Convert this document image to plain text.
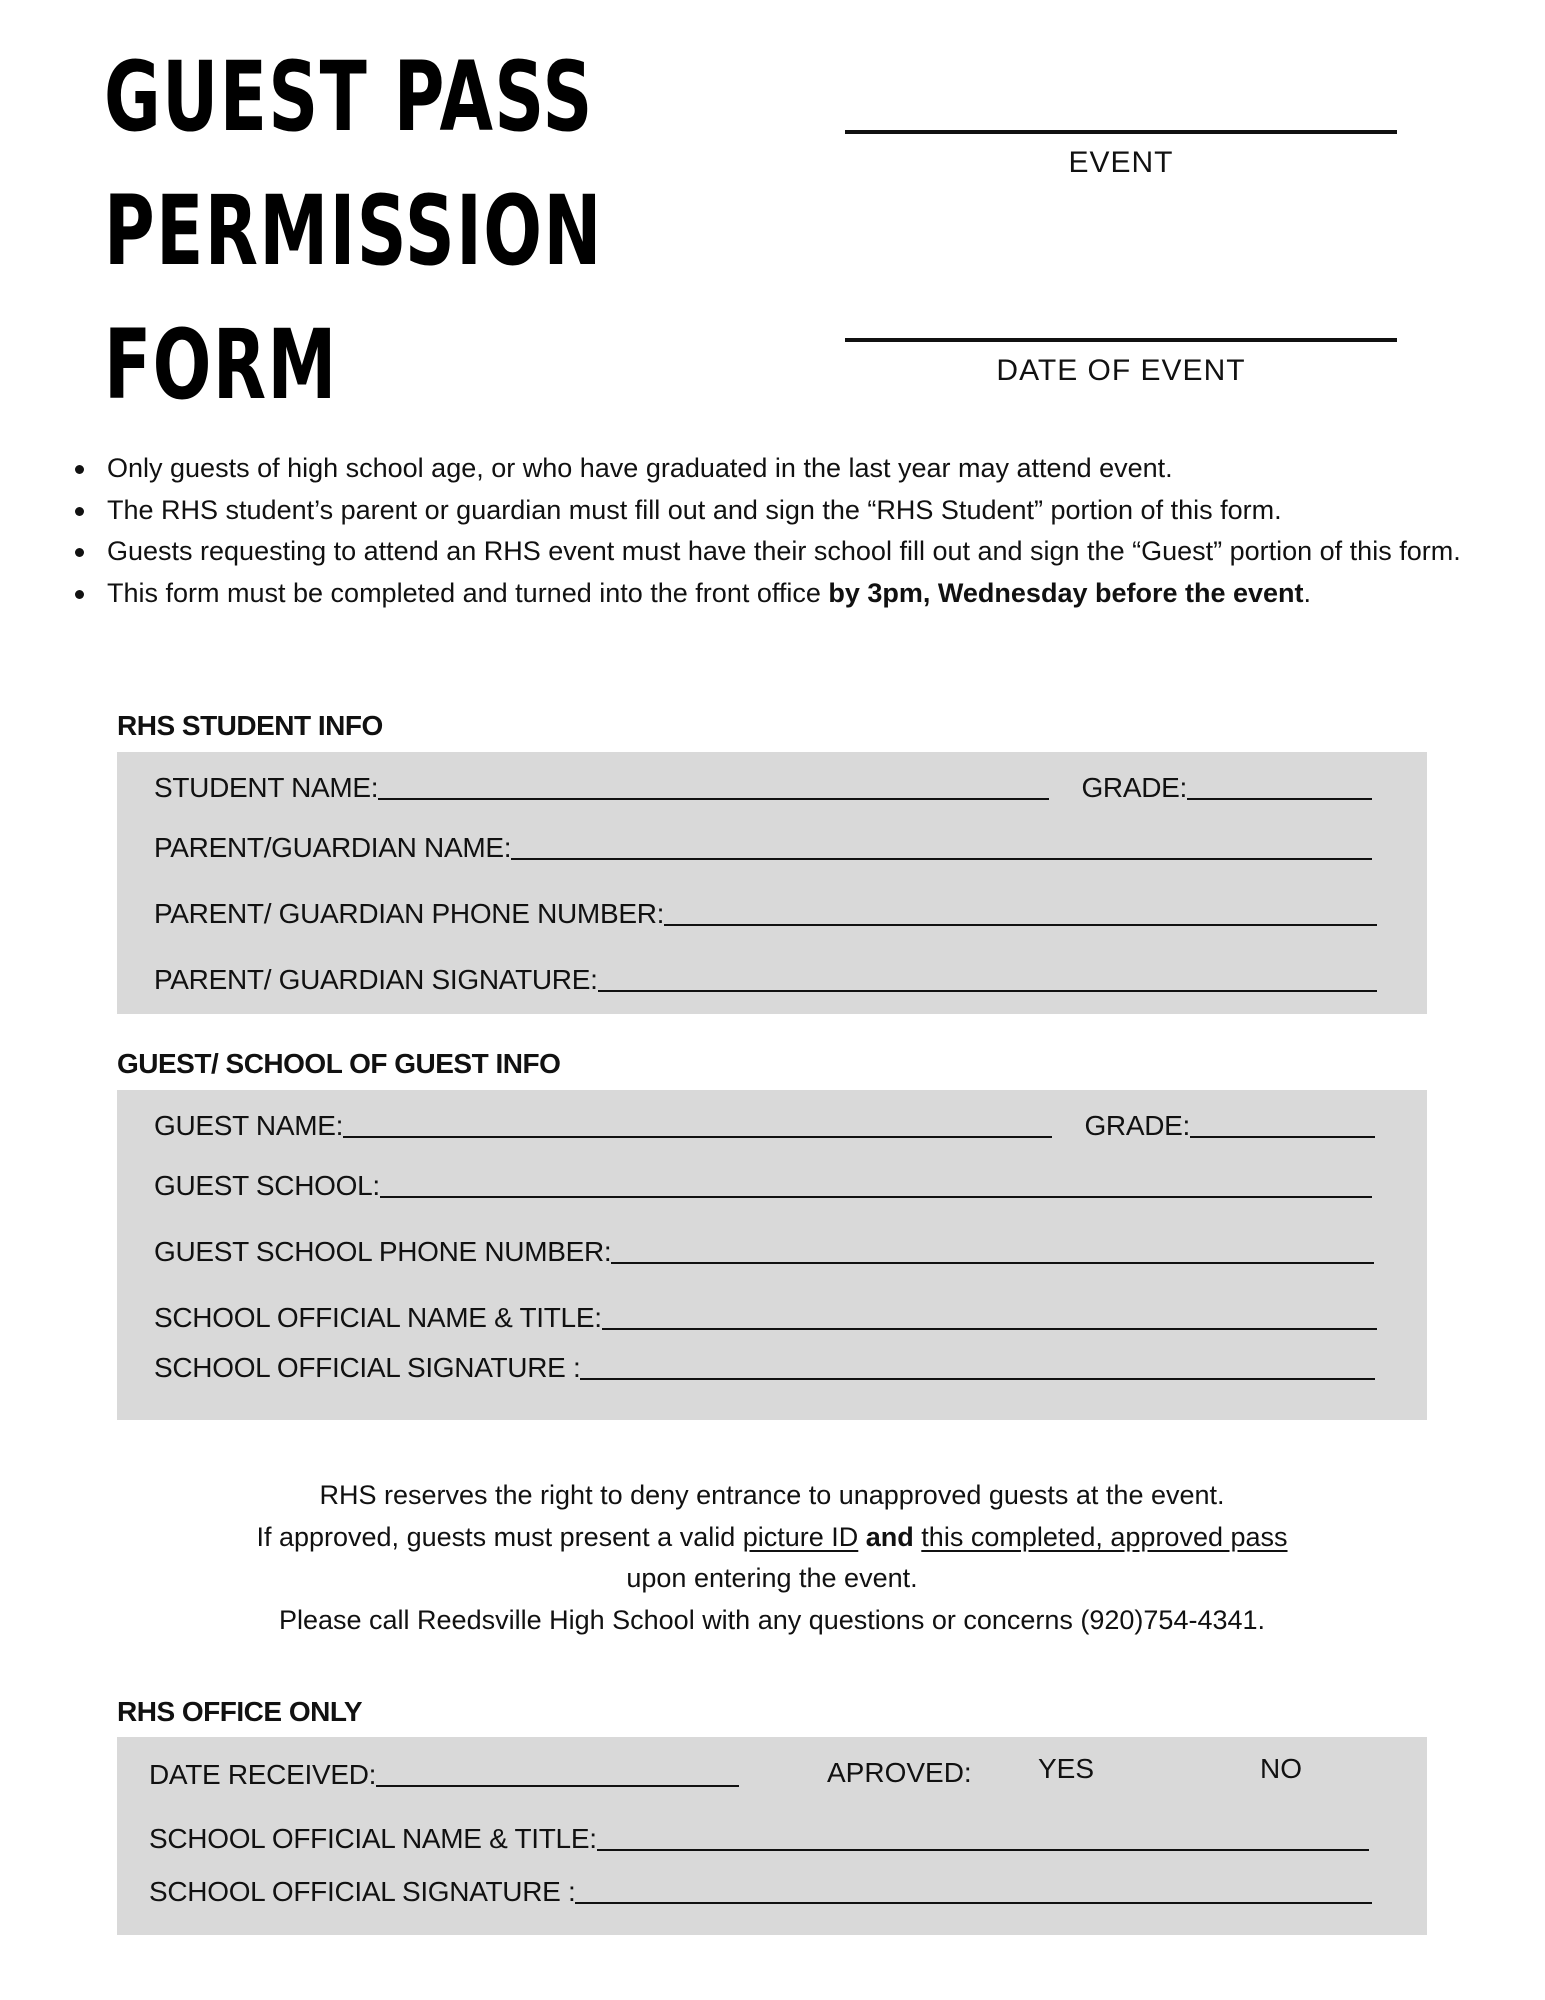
GUEST PASS
PERMISSION
FORM
EVENT
DATE OF EVENT
Only guests of high school age, or who have graduated in the last year may attend event.
The RHS student’s parent or guardian must fill out and sign the “RHS Student” portion of this form.
Guests requesting to attend an RHS event must have their school fill out and sign the “Guest” portion of this form.
This form must be completed and turned into the front office by 3pm, Wednesday before the event.
RHS STUDENT INFO
STUDENT NAME:	GRADE:
PARENT/GUARDIAN NAME:
PARENT/ GUARDIAN PHONE NUMBER:
PARENT/ GUARDIAN SIGNATURE:
GUEST/ SCHOOL OF GUEST INFO
GUEST NAME:	GRADE:
GUEST SCHOOL:
GUEST SCHOOL PHONE NUMBER:
SCHOOL OFFICIAL NAME & TITLE:
SCHOOL OFFICIAL SIGNATURE :
RHS reserves the right to deny entrance to unapproved guests at the event.
If approved, guests must present a valid picture ID and this completed, approved pass
upon entering the event.
Please call Reedsville High School with any questions or concerns (920)754-4341.
RHS OFFICE ONLY
DATE RECEIVED:	APROVED: YES	NO
SCHOOL OFFICIAL NAME & TITLE:
SCHOOL OFFICIAL SIGNATURE :
